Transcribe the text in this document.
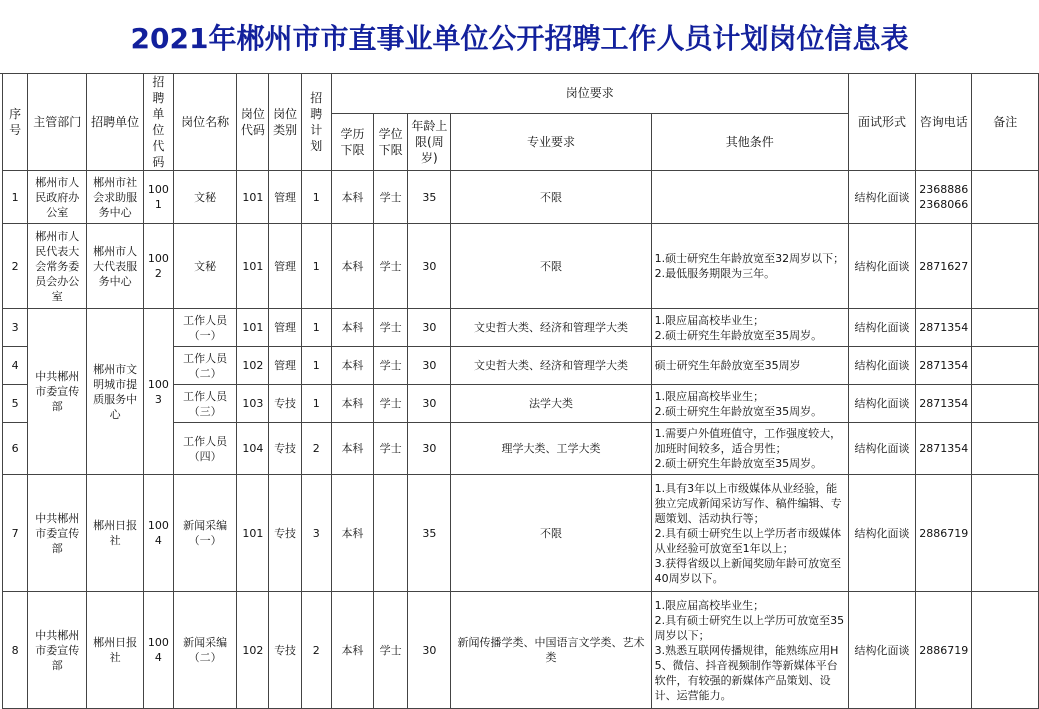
2021年郴州市市直事业单位公开招聘工作人员计划岗位信息表
序号	主管部门	招聘单位	招聘单位代码	岗位名称	岗位代码	岗位类别	招聘计划	岗位要求					面试形式	咨询电话	备注
								学历下限	学位下限	年龄上限(周岁)	专业要求	其他条件			
1	郴州市人民政府办公室	郴州市社会求助服务中心	1001	文秘	101	管理	1	本科	学士	35	不限		结构化面谈	2368886
2368066	

2	郴州市人民代表大会常务委员会办公室	郴州市人大代表服务中心	1002	文秘	101	管理	1	本科	学士	30	不限	1.硕士研究生年龄放宽至32周岁以下；
2.最低服务期限为三年。	结构化面谈	2871627	
3	中共郴州市委宣传部	郴州市文明城市提质服务中心	1003	工作人员（一）	101	管理	1	本科	学士	30	文史哲大类、经济和管理学大类	1.限应届高校毕业生；
2.硕士研究生年龄放宽至35周岁。	结构化面谈	2871354	
4				工作人员（二）	102	管理	1	本科	学士	30	文史哲大类、经济和管理学大类	硕士研究生年龄放宽至35周岁	结构化面谈	2871354	
5				工作人员（三）	103	专技	1	本科	学士	30	法学大类	1.限应届高校毕业生；
2.硕士研究生年龄放宽至35周岁。	结构化面谈	2871354	
6				工作人员（四）	104	专技	2	本科	学士	30	理学大类、工学大类	1.需要户外值班值守，工作强度较大，加班时间较多，适合男性；
2.硕士研究生年龄放宽至35周岁。	结构化面谈	2871354	
7	中共郴州市委宣传部	郴州日报社	1004	新闻采编（一）	101	专技	3	本科		35	不限	1.具有3年以上市级媒体从业经验，能独立完成新闻采访写作、稿件编辑、专题策划、活动执行等；
2.具有硕士研究生以上学历者市级媒体从业经验可放宽至1年以上；
3.获得省级以上新闻奖励年龄可放宽至40周岁以下。	结构化面谈	2886719	
8	中共郴州市委宣传部	郴州日报社	1004	新闻采编（二）	102	专技	2	本科	学士	30	新闻传播学类、中国语言文学类、艺术类	1.限应届高校毕业生；
2.具有硕士研究生以上学历可放宽至35周岁以下；
3.熟悉互联网传播规律，能熟练应用H5、微信、抖音视频制作等新媒体平台软件，有较强的新媒体产品策划、设计、运营能力。	结构化面谈	2886719	
